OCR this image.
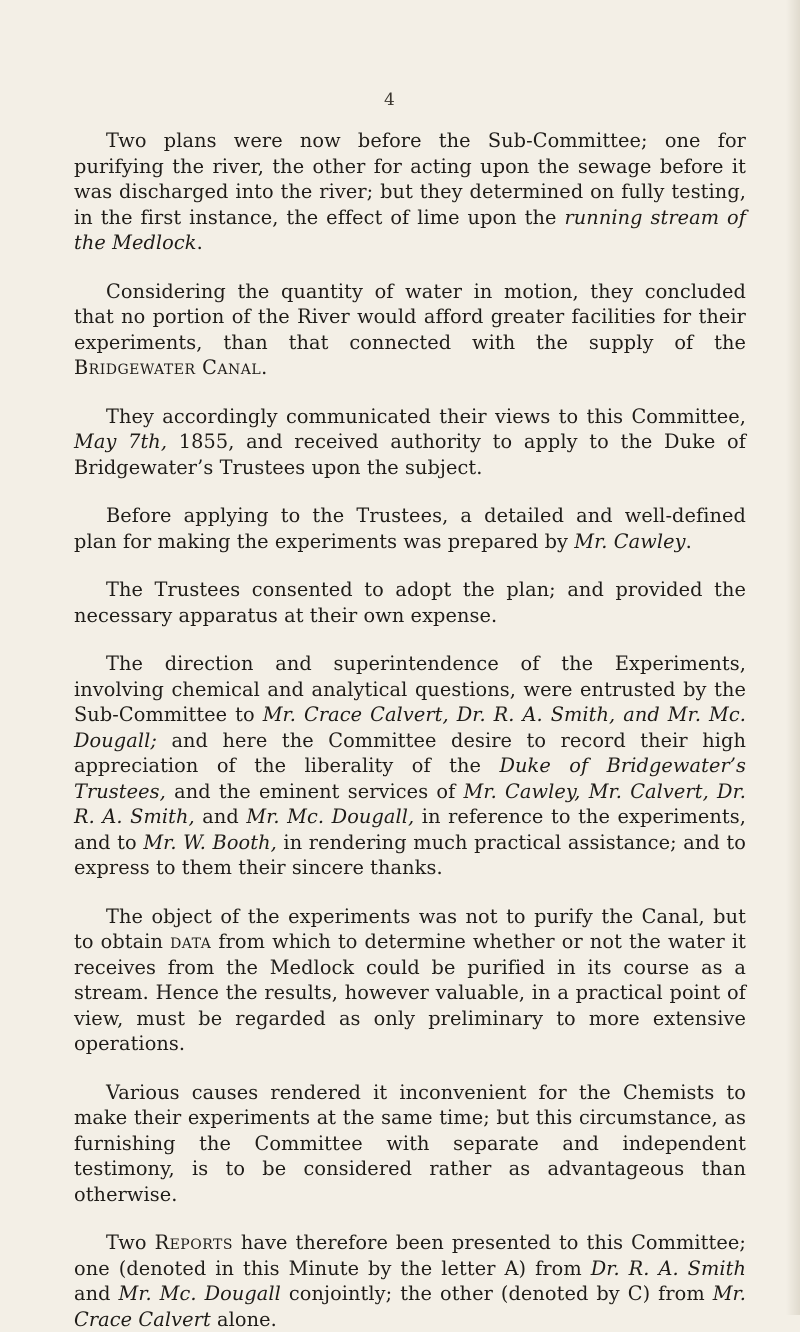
4

Two plans were now before the Sub-Committee; one for purifying the river, the other for acting upon the sewage before it was discharged into the river; but they determined on fully testing, in the first instance, the effect of lime upon the running stream of the Medlock.

Considering the quantity of water in motion, they concluded that no portion of the River would afford greater facilities for their experiments, than that connected with the supply of the Bridgewater Canal.

They accordingly communicated their views to this Committee, May 7th, 1855, and received authority to apply to the Duke of Bridgewater’s Trustees upon the subject.

Before applying to the Trustees, a detailed and well-defined plan for making the experiments was prepared by Mr. Cawley.

The Trustees consented to adopt the plan; and provided the necessary apparatus at their own expense.

The direction and superintendence of the Experiments, involving chemical and analytical questions, were entrusted by the Sub-Committee to Mr. Crace Calvert, Dr. R. A. Smith, and Mr. Mc. Dougall; and here the Committee desire to record their high appreciation of the liberality of the Duke of Bridgewater’s Trustees, and the eminent services of Mr. Cawley, Mr. Calvert, Dr. R. A. Smith, and Mr. Mc. Dougall, in reference to the experiments, and to Mr. W. Booth, in rendering much practical assistance; and to express to them their sincere thanks.

The object of the experiments was not to purify the Canal, but to obtain data from which to determine whether or not the water it receives from the Medlock could be purified in its course as a stream. Hence the results, however valuable, in a practical point of view, must be regarded as only preliminary to more extensive operations.

Various causes rendered it inconvenient for the Chemists to make their experiments at the same time; but this circumstance, as furnishing the Committee with separate and independent testimony, is to be considered rather as advantageous than otherwise.

Two Reports have therefore been presented to this Committee; one (denoted in this Minute by the letter A) from Dr. R. A. Smith and Mr. Mc. Dougall conjointly; the other (denoted by C) from Mr. Crace Calvert alone.
